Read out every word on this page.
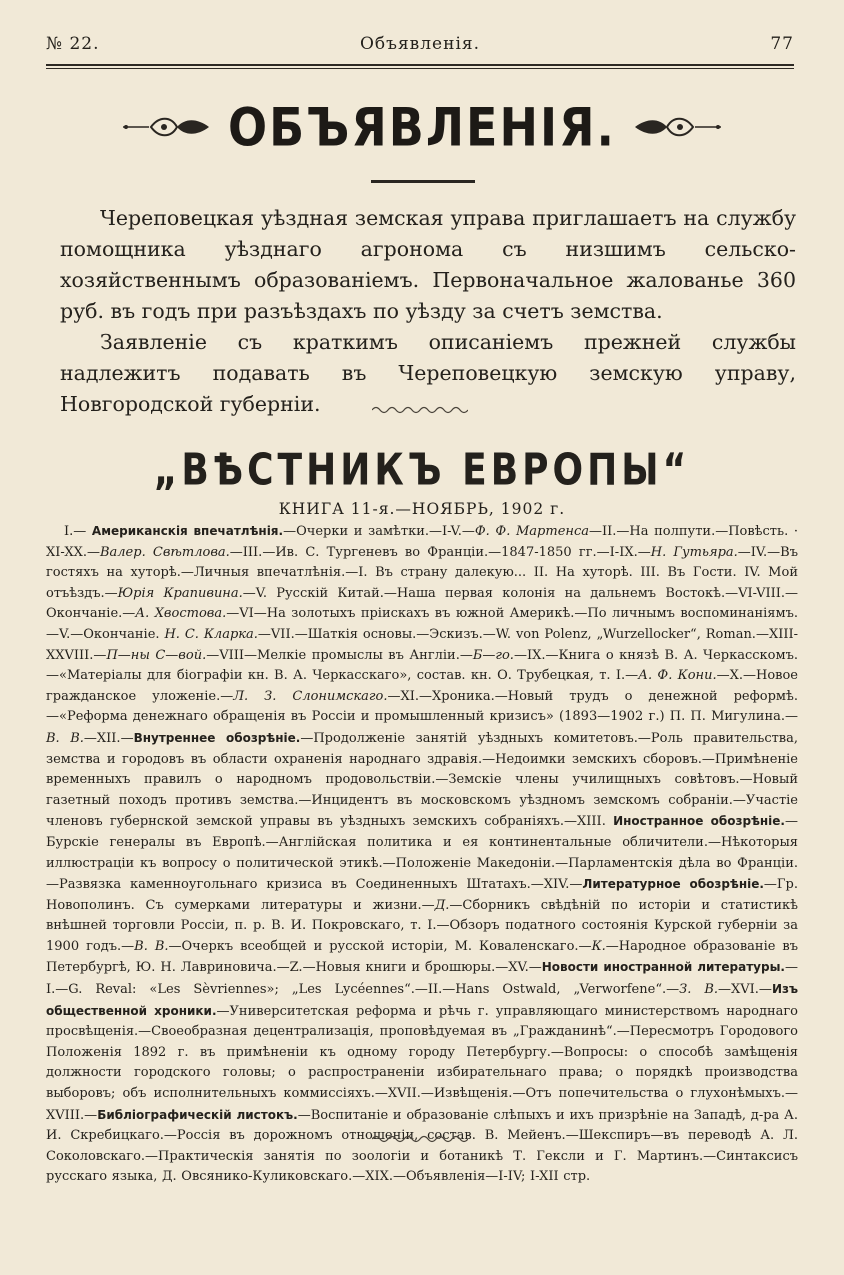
№ 22.	Объявленія.	77
ОБЪЯВЛЕНІЯ.

Череповецкая уѣздная земская управа приглашаетъ на службу помощника уѣзднаго агронома съ низшимъ сельско-хозяйственнымъ образованіемъ. Первоначальное жалованье 360 руб. въ годъ при разъѣздахъ по уѣзду за счетъ земства.

Заявленіе съ краткимъ описаніемъ прежней службы надлежитъ подавать въ Череповецкую земскую управу, Новгородской губерніи.

„ВѢСТНИКЪ ЕВРОПЫ“
КНИГА 11-я.—НОЯБРЬ, 1902 г.

I.— Американскія впечатлѣнія.—Очерки и замѣтки.—I-V.—Ф. Ф. Мартенса—II.—На полпути.—Повѣсть. · XI-XX.—Валер. Свѣтлова.—III.—Ив. С. Тургеневъ во Франціи.—1847-1850 гг.—I-IX.—Н. Гутьяра.—IV.—Въ гостяхъ на хуторѣ.—Личныя впечатлѣнія.—I. Въ страну далекую... II. На хуторѣ. III. Въ Гости. IV. Мой отъѣздъ.—Юрія Крапивина.—V. Русскій Китай.—Наша первая колонія на дальнемъ Востокѣ.—VI-VIII.—Окончаніе.—А. Хвостова.—VI—На золотыхъ пріискахъ въ южной Америкѣ.—По личнымъ воспоминаніямъ.—V.—Окончаніе. Н. С. Кларка.—VII.—Шаткія основы.—Эскизъ.—W. von Polenz, „Wurzellocker“, Roman.—XIII-XXVIII.—П—ны С—вой.—VIII—Мелкіе промыслы въ Англіи.—Б—го.—IX.—Книга о князѣ В. А. Черкасскомъ.—«Матеріалы для біографіи кн. В. А. Черкасскаго», состав. кн. О. Трубецкая, т. I.—А. Ф. Кони.—X.—Новое гражданское уложеніе.—Л. З. Слонимскаго.—XI.—Хроника.—Новый трудъ о денежной реформѣ.—«Реформа денежнаго обращенія въ Россіи и промышленный кризисъ» (1893—1902 г.) П. П. Мигулина.—В. В.—XII.—Внутреннее обозрѣніе.—Продолженіе занятій уѣздныхъ комитетовъ.—Роль правительства, земства и городовъ въ области охраненія народнаго здравія.—Недоимки земскихъ сборовъ.—Примѣненіе временныхъ правилъ о народномъ продовольствіи.—Земскіе члены училищныхъ совѣтовъ.—Новый газетный походъ противъ земства.—Инцидентъ въ московскомъ уѣздномъ земскомъ собраніи.—Участіе членовъ губернской земской управы въ уѣздныхъ земскихъ собраніяхъ.—XIII. Иностранное обозрѣніе.—Бурскіе генералы въ Европѣ.—Англійская политика и ея континентальные обличители.—Нѣкоторыя иллюстраціи къ вопросу о политической этикѣ.—Положеніе Македоніи.—Парламентскія дѣла во Франціи.—Развязка каменноугольнаго кризиса въ Соединенныхъ Штатахъ.—XIV.—Литературное обозрѣніе.—Гр. Новополинъ. Съ сумерками литературы и жизни.—Д.—Сборникъ свѣдѣній по исторіи и статистикѣ внѣшней торговли Россіи, п. р. В. И. Покровскаго, т. I.—Обзоръ податного состоянія Курской губерніи за 1900 годъ.—В. В.—Очеркъ всеобщей и русской исторіи, М. Коваленскаго.—К.—Народное образованіе въ Петербургѣ, Ю. Н. Лавриновича.—Z.—Новыя книги и брошюры.—XV.—Новости иностранной литературы.—I.—G. Reval: «Les Sèvriennes»; „Les Lycéennes“.—II.—Hans Ostwald, „Verworfene“.—З. В.—XVI.—Изъ общественной хроники.—Университетская реформа и рѣчь г. управляющаго министерствомъ народнаго просвѣщенія.—Своеобразная децентрализація, проповѣдуемая въ „Гражданинѣ“.—Пересмотръ Городового Положенія 1892 г. въ примѣненіи къ одному городу Петербургу.—Вопросы: о способѣ замѣщенія должности городского головы; о распространеніи избирательнаго права; о порядкѣ производства выборовъ; объ исполнительныхъ коммиссіяхъ.—XVII.—Извѣщенія.—Отъ попечительства о глухонѣмыхъ.—XVIII.—Библіографическій листокъ.—Воспитаніе и образованіе слѣпыхъ и ихъ призрѣніе на Западѣ, д-ра А. И. Скребицкаго.—Россія въ дорожномъ отношеніи, состав. В. Мейенъ.—Шекспиръ—въ переводѣ А. Л. Соколовскаго.—Практическія занятія по зоологіи и ботаникѣ Т. Гексли и Г. Мартинъ.—Синтаксисъ русскаго языка, Д. Овсянико-Куликовскаго.—XIX.—Объявленія—I-IV; I-XII стр.
